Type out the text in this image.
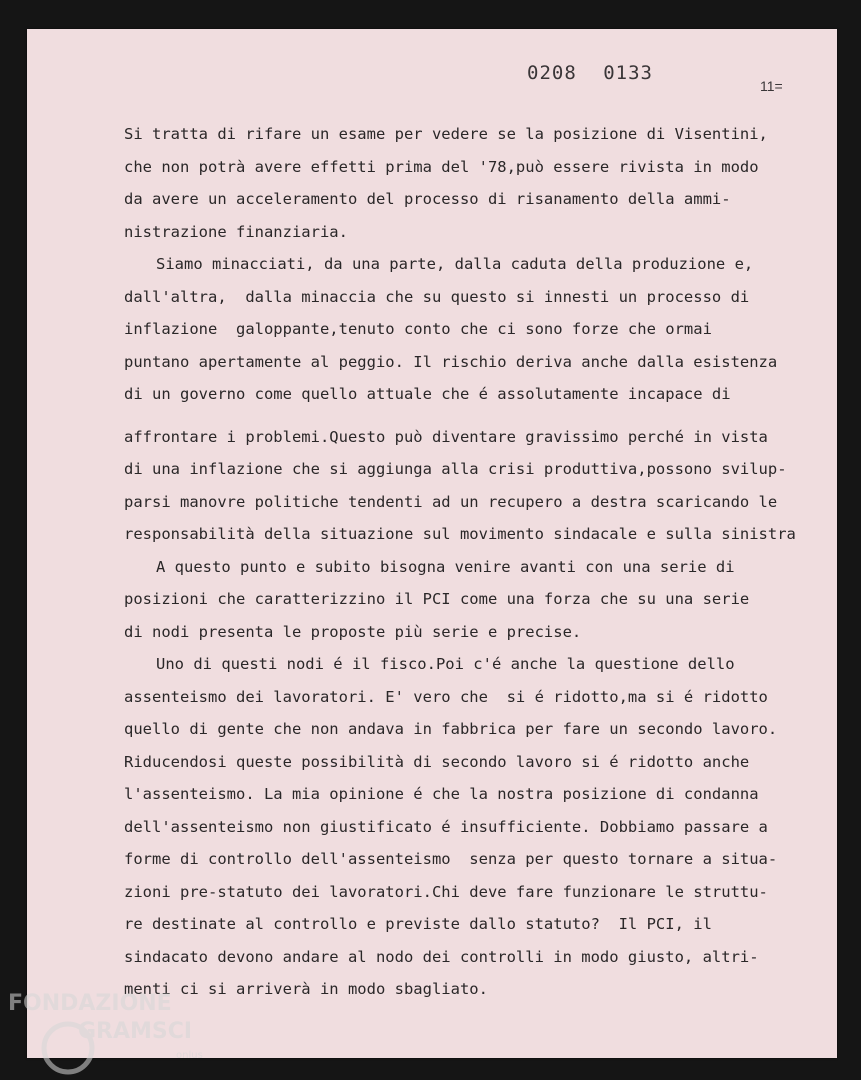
0208 0133
11=
Si tratta di rifare un esame per vedere se la posizione di Visentini,
che non potrà avere effetti prima del '78,può essere rivista in modo
da avere un acceleramento del processo di risanamento della ammi-
nistrazione finanziaria.
Siamo minacciati, da una parte, dalla caduta della produzione e,
dall'altra,  dalla minaccia che su questo si innesti un processo di
inflazione  galoppante,tenuto conto che ci sono forze che ormai
puntano apertamente al peggio. Il rischio deriva anche dalla esistenza
di un governo come quello attuale che é assolutamente incapace di
affrontare i problemi.Questo può diventare gravissimo perché in vista
di una inflazione che si aggiunga alla crisi produttiva,possono svilup-
parsi manovre politiche tendenti ad un recupero a destra scaricando le
responsabilità della situazione sul movimento sindacale e sulla sinistra
A questo punto e subito bisogna venire avanti con una serie di
posizioni che caratterizzino il PCI come una forza che su una serie
di nodi presenta le proposte più serie e precise.
Uno di questi nodi é il fisco.Poi c'é anche la questione dello
assenteismo dei lavoratori. E' vero che  si é ridotto,ma si é ridotto
quello di gente che non andava in fabbrica per fare un secondo lavoro.
Riducendosi queste possibilità di secondo lavoro si é ridotto anche
l'assenteismo. La mia opinione é che la nostra posizione di condanna
dell'assenteismo non giustificato é insufficiente. Dobbiamo passare a
forme di controllo dell'assenteismo  senza per questo tornare a situa-
zioni pre-statuto dei lavoratori.Chi deve fare funzionare le struttu-
re destinate al controllo e previste dallo statuto?  Il PCI, il
sindacato devono andare al nodo dei controlli in modo giusto, altri-
menti ci si arriverà in modo sbagliato.
FONDAZIONE
GRAMSCI
onlus
